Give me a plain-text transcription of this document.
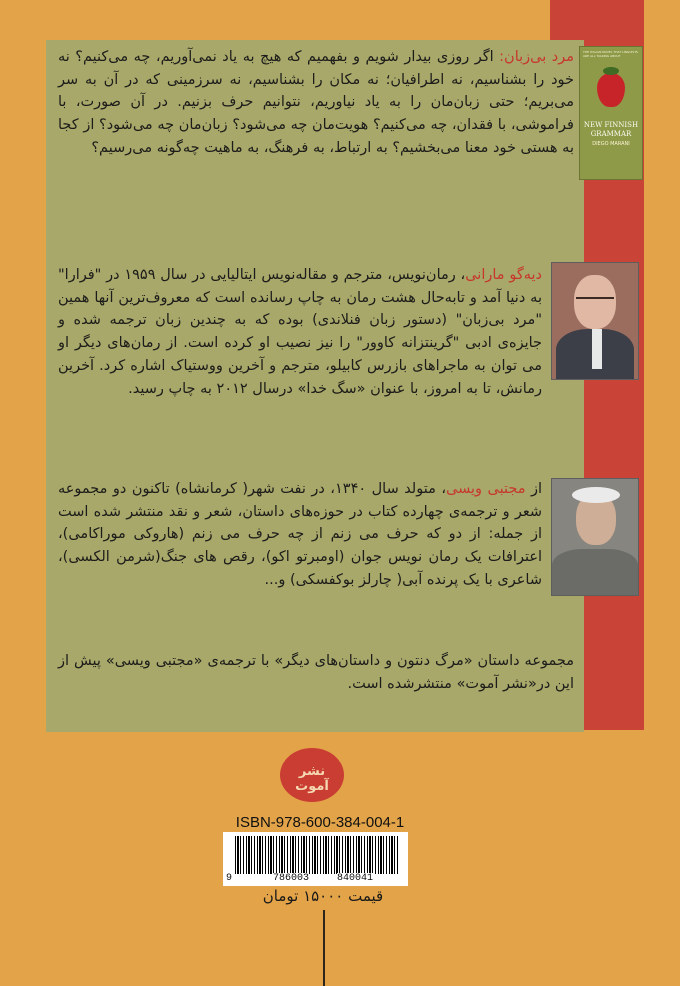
THE ITALIAN NOVEL THAT LINGUISTS ARE ALL TALKING ABOUT
NEW FINNISH GRAMMAR
DIEGO MARANI
مرد بی‌زبان: اگر روزی بیدار شویم و بفهمیم که هیچ به یاد نمی‌آوریم، چه می‌کنیم؟ نه خود را بشناسیم، نه اطرافیان؛ نه مکان را بشناسیم، نه سرزمینی که در آن به سر می‌بریم؛ حتی زبان‌مان را به یاد نیاوریم، نتوانیم حرف بزنیم. در آن صورت، با فراموشی، با فقدان، چه می‌کنیم؟ هویت‌مان چه می‌شود؟ زبان‌مان چه می‌شود؟ از کجا به هستی خود معنا می‌بخشیم؟ به ارتباط، به فرهنگ، به ماهیت چه‌گونه می‌رسیم؟
دیه‌گو مارانی، رمان‌نویس، مترجم و مقاله‌نویس ایتالیایی در سال ۱۹۵۹ در "فرارا" به دنیا آمد و تابه‌حال هشت رمان به چاپ رسانده است که معروف‌ترین آنها همین "مرد بی‌زبان" (دستور زبان فنلاندی) بوده که به چندین زبان ترجمه شده و جایزه‌ی ادبی "گرینتزانه کاوور" را نیز نصیب او کرده است. از رمان‌های دیگر او می توان به ماجراهای بازرس کابیلو، مترجم و آخرین ووستیاک اشاره کرد. آخرین رمانش، تا به امروز، با عنوان «سگ خدا» درسال ۲۰۱۲ به چاپ رسید.
از مجتبی ویسی، متولد سال ۱۳۴۰، در نفت شهر( کرمانشاه) تاکنون دو مجموعه شعر و ترجمه‌ی چهارده کتاب در حوزه‌های داستان، شعر و نقد منتشر شده است از جمله: از دو که حرف می زنم از چه حرف می زنم (هاروکی موراکامی)، اعترافات یک رمان نویس جوان (اومبرتو اکو)، رقص های جنگ(شرمن الکسی)، شاعری با یک پرنده آبی( چارلز بوکفسکی) و...
مجموعه داستان «مرگ دنتون و داستان‌های دیگر» با ترجمه‌ی «مجتبی ویسی» پیش از این در«نشر آموت» منتشرشده است.
نشر آموت
ISBN-978-600-384-004-1
9	786003	840041
قیمت ۱۵۰۰۰ تومان
